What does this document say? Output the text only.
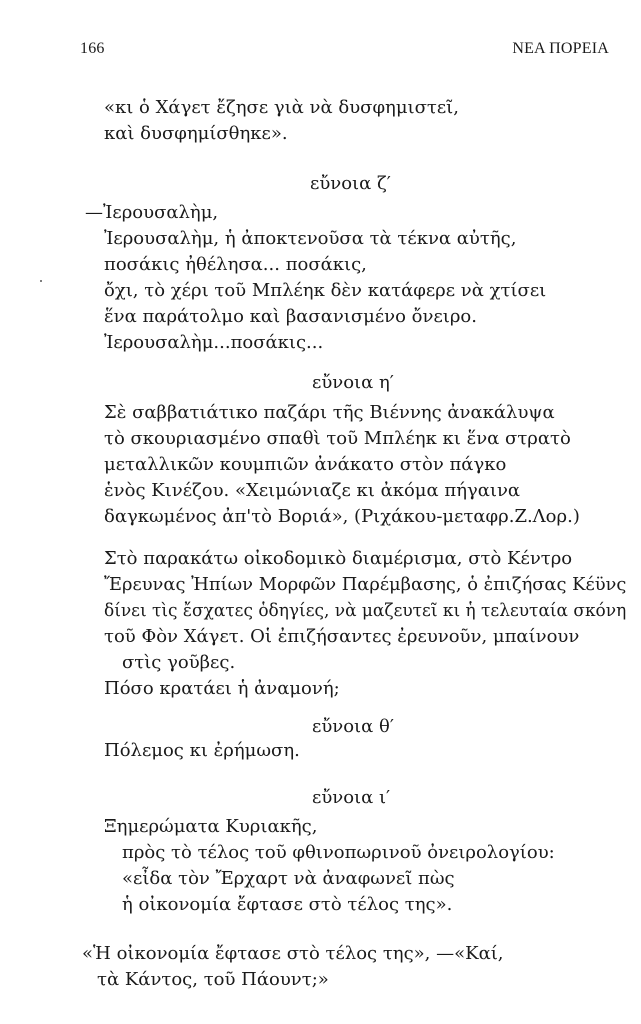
166	ΝΕΑ ΠΟΡΕΙΑ
«κι ὁ Χάγετ ἔζησε γιὰ νὰ δυσφημιστεῖ,
καὶ δυσφημίσθηκε».
εὔνοια ζ′
—Ἰερουσαλὴμ,
Ἰερουσαλὴμ, ἡ ἀποκτενοῦσα τὰ τέκνα αὐτῆς,
ποσάκις ἠθέλησα... ποσάκις,
ὄχι, τὸ χέρι τοῦ Μπλέηκ δὲν κατάφερε νὰ χτίσει
ἕνα παράτολμο καὶ βασανισμένο ὄνειρο.
Ἰερουσαλὴμ...ποσάκις...
εὔνοια η′
Σὲ σαββατιάτικο παζάρι τῆς Βιέννης ἀνακάλυψα
τὸ σκουριασμένο σπαθὶ τοῦ Μπλέηκ κι ἕνα στρατὸ
μεταλλικῶν κουμπιῶν ἀνάκατο στὸν πάγκο
ἑνὸς Κινέζου. «Χειμώνιαζε κι ἀκόμα πήγαινα
δαγκωμένος ἀπ'τὸ Βοριά», (Ριχάκου-μεταφρ.Ζ.Λορ.)
Στὸ παρακάτω οἰκοδομικὸ διαμέρισμα, στὸ Κέντρο
Ἔρευνας Ἠπίων Μορφῶν Παρέμβασης, ὁ ἐπιζήσας Κέϋνς
δίνει τὶς ἔσχατες ὁδηγίες, νὰ μαζευτεῖ κι ἡ τελευταία σκόνη
τοῦ Φὸν Χάγετ. Οἱ ἐπιζήσαντες ἐρευνοῦν, μπαίνουν
στὶς γοῦβες.
Πόσο κρατάει ἡ ἀναμονή;
εὔνοια θ′
Πόλεμος κι ἐρήμωση.
εὔνοια ι′
Ξημερώματα Κυριακῆς,
πρὸς τὸ τέλος τοῦ φθινοπωρινοῦ ὀνειρολογίου:
«εἶδα τὸν Ἔρχαρτ νὰ ἀναφωνεῖ πὼς
ἡ οἰκονομία ἔφτασε στὸ τέλος της».
«Ἡ οἰκονομία ἔφτασε στὸ τέλος της», —«Καί,
τὰ Κάντος, τοῦ Πάουντ;»
